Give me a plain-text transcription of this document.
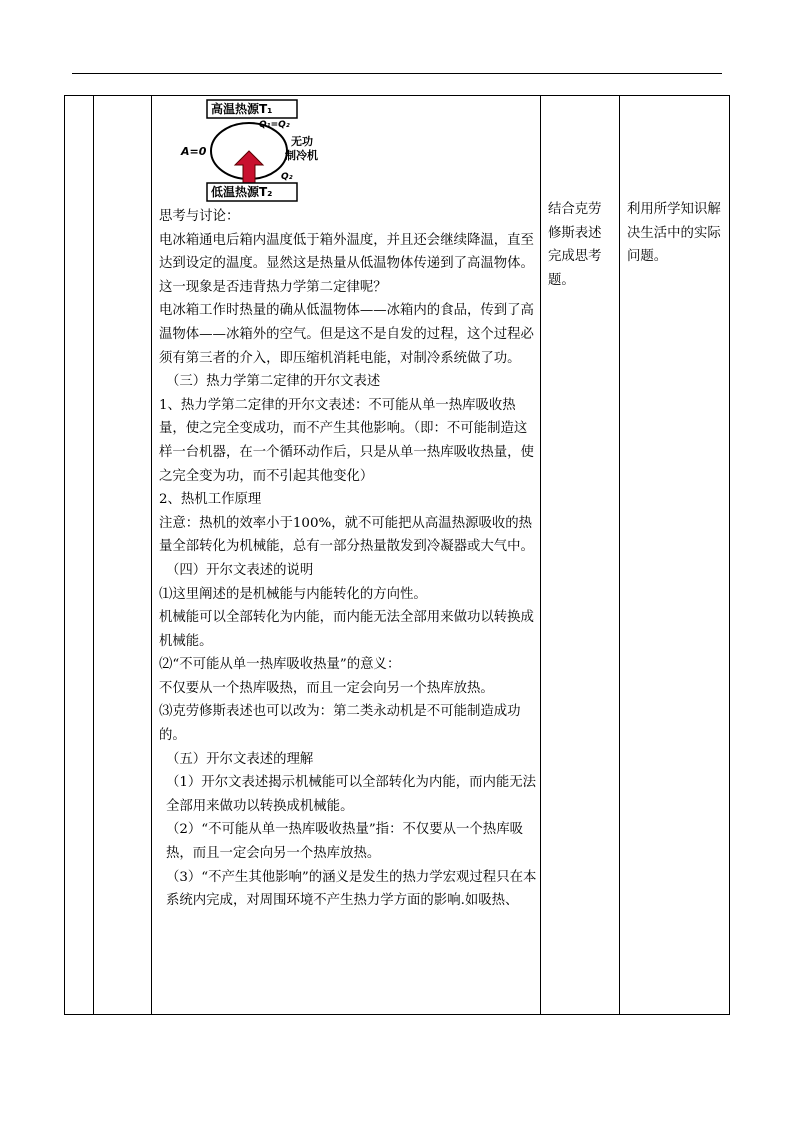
高温热源T₁
Q₁=Q₂
A=0
无功
制冷机
Q₂
低温热源T₂

思考与讨论：

电冰箱通电后箱内温度低于箱外温度，并且还会继续降温，直至达到设定的温度。显然这是热量从低温物体传递到了高温物体。这一现象是否违背热力学第二定律呢？

电冰箱工作时热量的确从低温物体——冰箱内的食品，传到了高温物体——冰箱外的空气。但是这不是自发的过程，这个过程必须有第三者的介入，即压缩机消耗电能，对制冷系统做了功。

（三）热力学第二定律的开尔文表述

1、热力学第二定律的开尔文表述：不可能从单一热库吸收热量，使之完全变成功，而不产生其他影响。（即：不可能制造这样一台机器，在一个循环动作后，只是从单一热库吸收热量，使之完全变为功，而不引起其他变化）

2、热机工作原理

注意：热机的效率小于100%，就不可能把从高温热源吸收的热量全部转化为机械能，总有一部分热量散发到冷凝器或大气中。

（四）开尔文表述的说明

⑴这里阐述的是机械能与内能转化的方向性。

机械能可以全部转化为内能，而内能无法全部用来做功以转换成机械能。

⑵“不可能从单一热库吸收热量”的意义：

不仅要从一个热库吸热，而且一定会向另一个热库放热。

⑶克劳修斯表述也可以改为：第二类永动机是不可能制造成功的。

（五）开尔文表述的理解

（1）开尔文表述揭示机械能可以全部转化为内能，而内能无法全部用来做功以转换成机械能。

（2）“不可能从单一热库吸收热量”指：不仅要从一个热库吸热，而且一定会向另一个热库放热。

（3）“不产生其他影响”的涵义是发生的热力学宏观过程只在本系统内完成，对周围环境不产生热力学方面的影响.如吸热、

结合克劳修斯表述完成思考题。
利用所学知识解决生活中的实际问题。
